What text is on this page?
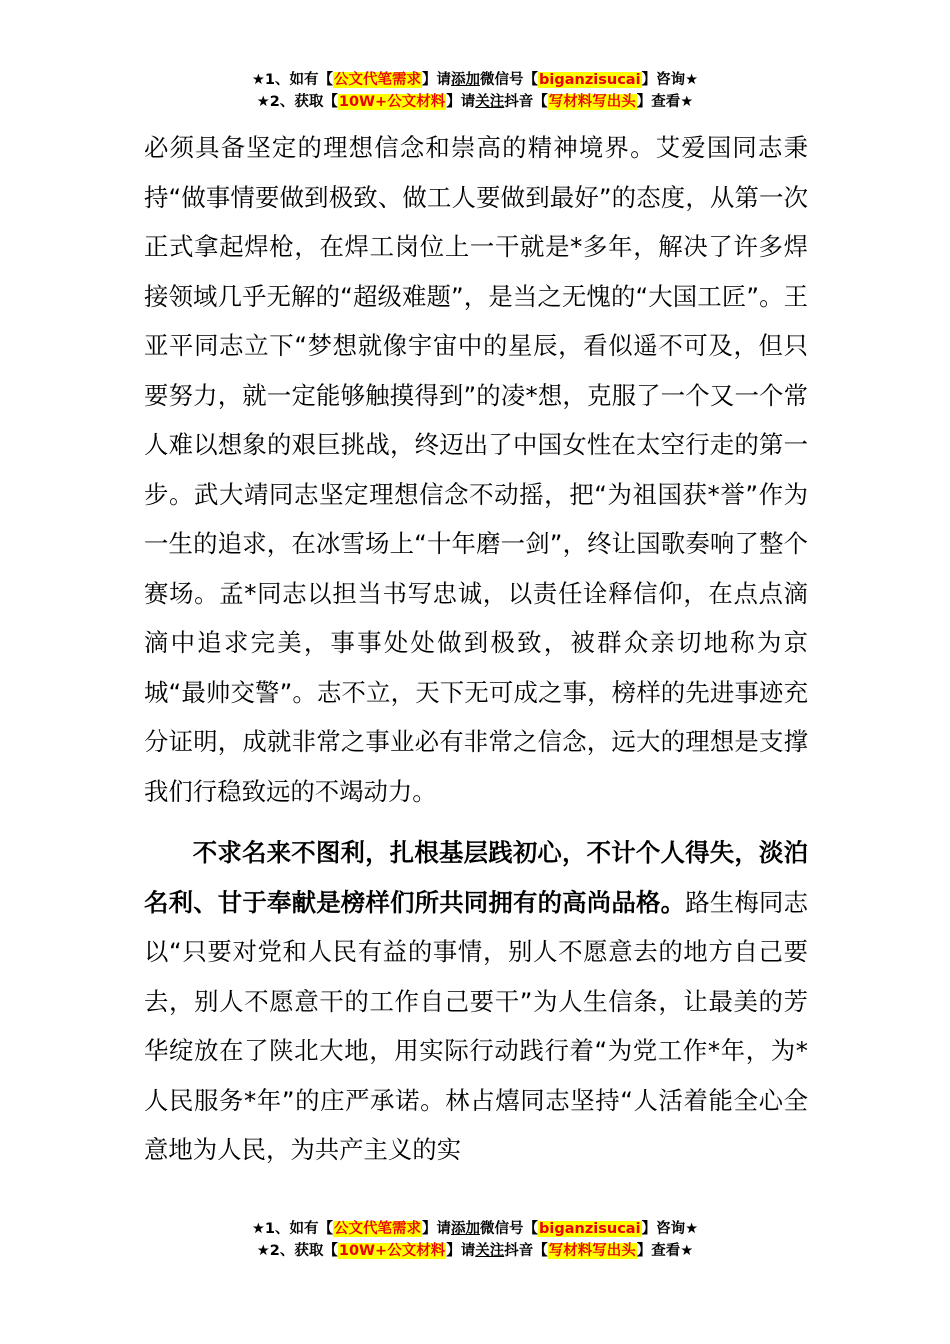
★1、如有【公文代笔需求】请添加微信号【biganzisucai】咨询★
★2、获取【10W+公文材料】请关注抖音【写材料写出头】查看★

必须具备坚定的理想信念和崇高的精神境界。艾爱国同志秉持“做事情要做到极致、做工人要做到最好”的态度，从第一次正式拿起焊枪，在焊工岗位上一干就是*多年，解决了许多焊接领域几乎无解的“超级难题”，是当之无愧的“大国工匠”。王亚平同志立下“梦想就像宇宙中的星辰，看似遥不可及，但只要努力，就一定能够触摸得到”的凌*想，克服了一个又一个常人难以想象的艰巨挑战，终迈出了中国女性在太空行走的第一步。武大靖同志坚定理想信念不动摇，把“为祖国获*誉”作为一生的追求，在冰雪场上“十年磨一剑”，终让国歌奏响了整个赛场。孟*同志以担当书写忠诚，以责任诠释信仰，在点点滴滴中追求完美，事事处处做到极致，被群众亲切地称为京城“最帅交警”。志不立，天下无可成之事，榜样的先进事迹充分证明，成就非常之事业必有非常之信念，远大的理想是支撑我们行稳致远的不竭动力。

不求名来不图利，扎根基层践初心，不计个人得失，淡泊名利、甘于奉献是榜样们所共同拥有的高尚品格。路生梅同志以“只要对党和人民有益的事情，别人不愿意去的地方自己要去，别人不愿意干的工作自己要干”为人生信条，让最美的芳华绽放在了陕北大地，用实际行动践行着“为党工作*年，为*人民服务*年”的庄严承诺。林占熺同志坚持“人活着能全心全意地为人民，为共产主义的实

★1、如有【公文代笔需求】请添加微信号【biganzisucai】咨询★
★2、获取【10W+公文材料】请关注抖音【写材料写出头】查看★
